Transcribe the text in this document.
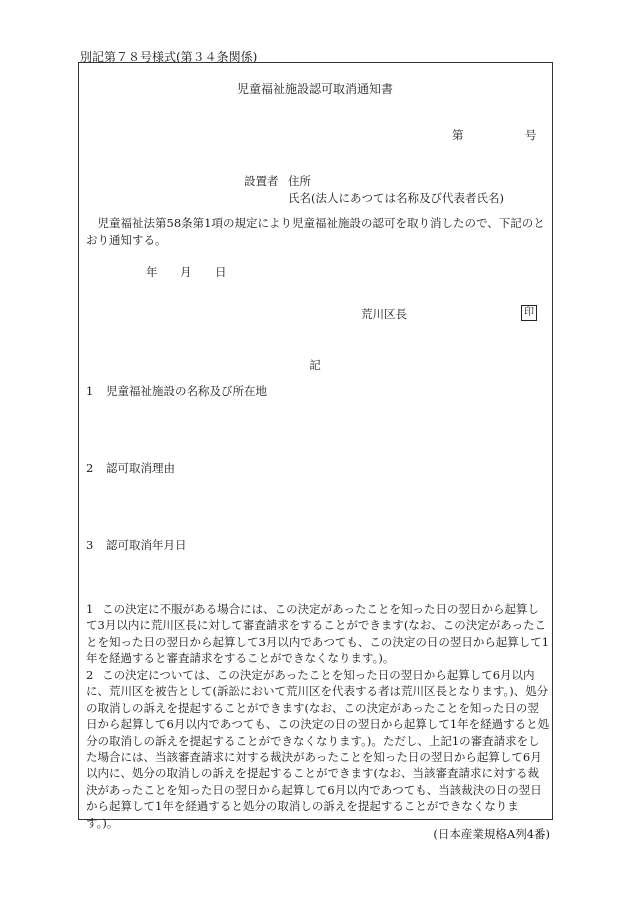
別記第７８号様式(第３４条関係)
児童福祉施設認可取消通知書
第	号
設置者 住所
氏名(法人にあつては名称及び代表者氏名)
児童福祉法第58条第1項の規定により児童福祉施設の認可を取り消したので、下記のとおり通知する。
年 月 日
荒川区長	印
記
1 児童福祉施設の名称及び所在地
2 認可取消理由
3 認可取消年月日
1 この決定に不服がある場合には、この決定があったことを知った日の翌日から起算して3月以内に荒川区長に対して審査請求をすることができます(なお、この決定があったことを知った日の翌日から起算して3月以内であつても、この決定の日の翌日から起算して1年を経過すると審査請求をすることができなくなります。)。
2 この決定については、この決定があったことを知った日の翌日から起算して6月以内に、荒川区を被告として(訴訟において荒川区を代表する者は荒川区長となります。)、処分の取消しの訴えを提起することができます(なお、この決定があったことを知った日の翌日から起算して6月以内であつても、この決定の日の翌日から起算して1年を経過すると処分の取消しの訴えを提起することができなくなります。)。ただし、上記1の審査請求をした場合には、当該審査請求に対する裁決があったことを知った日の翌日から起算して6月以内に、処分の取消しの訴えを提起することができます(なお、当該審査請求に対する裁決があったことを知った日の翌日から起算して6月以内であつても、当該裁決の日の翌日から起算して1年を経過すると処分の取消しの訴えを提起することができなくなります。)。
(日本産業規格A列4番)
